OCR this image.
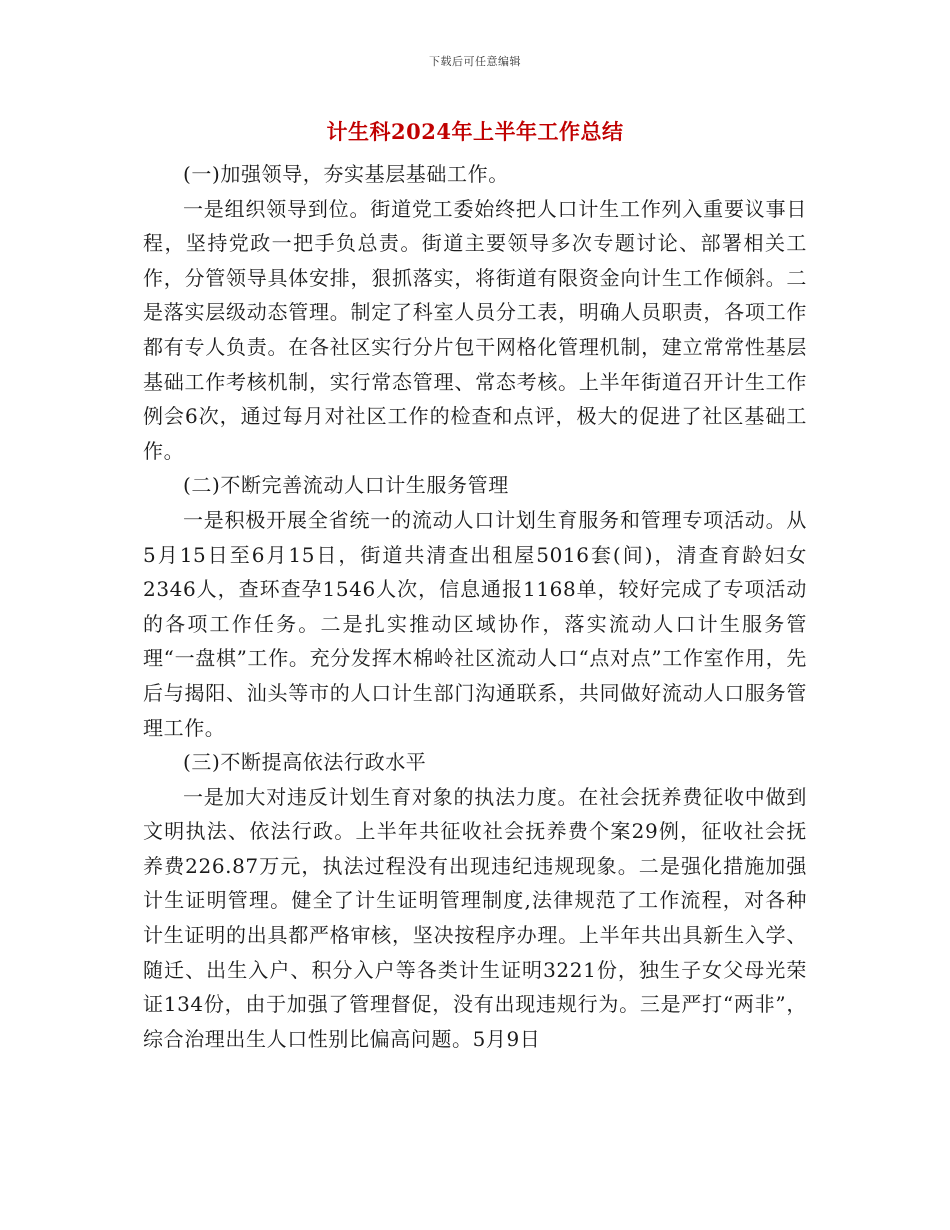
下载后可任意编辑
计生科2024年上半年工作总结

(一)加强领导，夯实基层基础工作。

一是组织领导到位。街道党工委始终把人口计生工作列入重要议事日程，坚持党政一把手负总责。街道主要领导多次专题讨论、部署相关工作，分管领导具体安排，狠抓落实，将街道有限资金向计生工作倾斜。二是落实层级动态管理。制定了科室人员分工表，明确人员职责，各项工作都有专人负责。在各社区实行分片包干网格化管理机制，建立常常性基层基础工作考核机制，实行常态管理、常态考核。上半年街道召开计生工作例会6次，通过每月对社区工作的检查和点评，极大的促进了社区基础工作。

(二)不断完善流动人口计生服务管理

一是积极开展全省统一的流动人口计划生育服务和管理专项活动。从5月15日至6月15日，街道共清查出租屋5016套(间)，清查育龄妇女2346人，查环查孕1546人次，信息通报1168单，较好完成了专项活动的各项工作任务。二是扎实推动区域协作，落实流动人口计生服务管理“一盘棋”工作。充分发挥木棉岭社区流动人口“点对点”工作室作用，先后与揭阳、汕头等市的人口计生部门沟通联系，共同做好流动人口服务管理工作。

(三)不断提高依法行政水平

一是加大对违反计划生育对象的执法力度。在社会抚养费征收中做到文明执法、依法行政。上半年共征收社会抚养费个案29例，征收社会抚养费226.87万元，执法过程没有出现违纪违规现象。二是强化措施加强计生证明管理。健全了计生证明管理制度,法律规范了工作流程，对各种计生证明的出具都严格审核，坚决按程序办理。上半年共出具新生入学、随迁、出生入户、积分入户等各类计生证明3221份，独生子女父母光荣证134份，由于加强了管理督促，没有出现违规行为。三是严打“两非”，综合治理出生人口性别比偏高问题。5月9日
